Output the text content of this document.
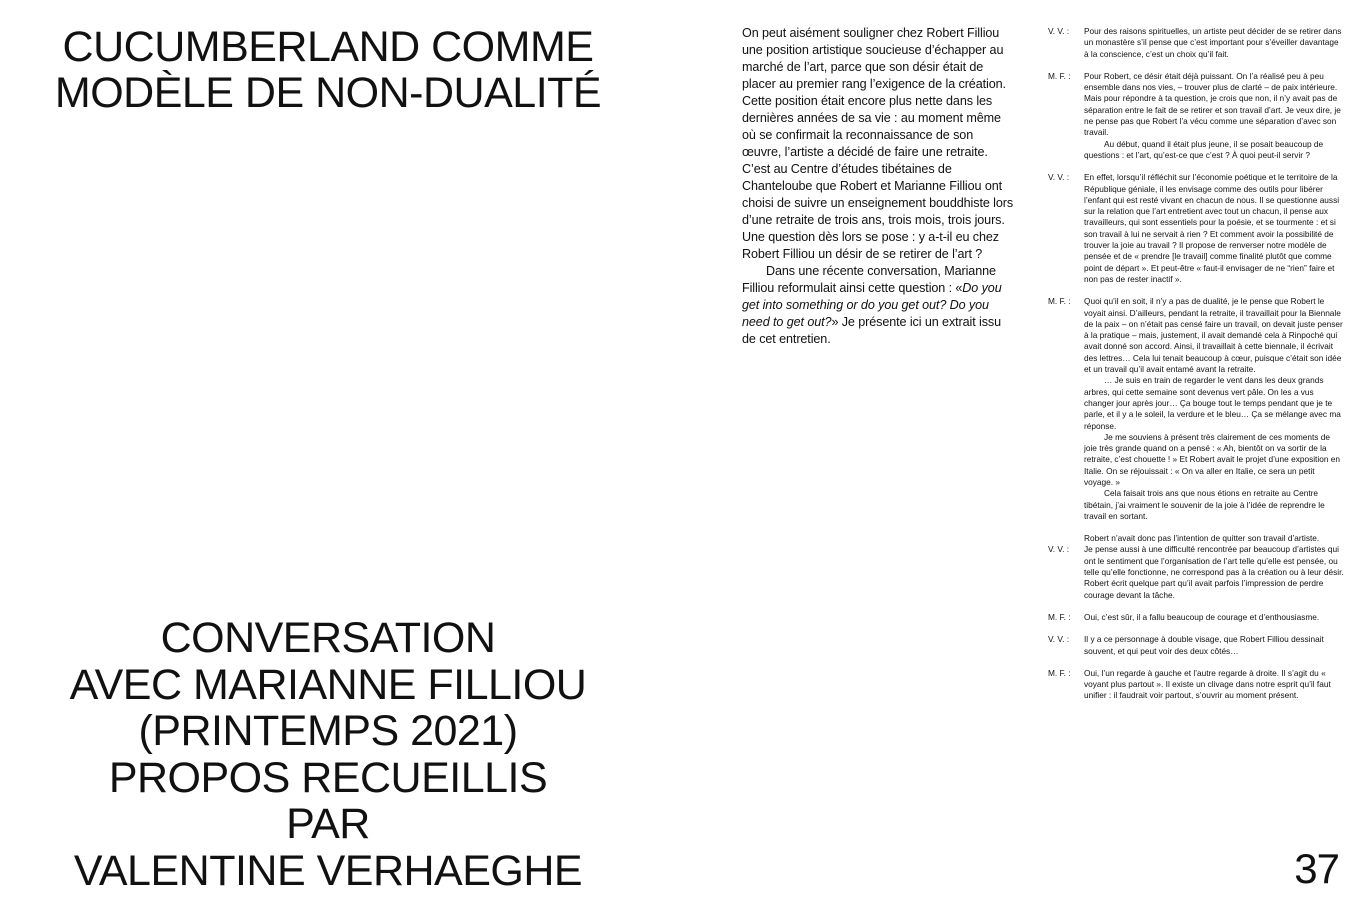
CUCUMBERLAND COMME
MODÈLE DE NON-DUALITÉ
CONVERSATION
AVEC MARIANNE FILLIOU
(PRINTEMPS 2021)
PROPOS RECUEILLIS
PAR
VALENTINE VERHAEGHE

On peut aisément souligner chez Robert Filliou une position artistique soucieuse d’échapper au marché de l’art, parce que son désir était de placer au premier rang l’exigence de la création. Cette position était encore plus nette dans les dernières années de sa vie : au moment même où se confirmait la reconnaissance de son œuvre, l’artiste a décidé de faire une retraite. C’est au Centre d’études tibétaines de Chanteloube que Robert et Marianne Filliou ont choisi de suivre un enseignement bouddhiste lors d’une retraite de trois ans, trois mois, trois jours. Une question dès lors se pose : y a-t-il eu chez Robert Filliou un désir de se retirer de l’art ?

Dans une récente conversation, Marianne Filliou reformulait ainsi cette question : «Do you get into something or do you get out? Do you need to get out?» Je présente ici un extrait issu de cet entretien.

V. V. : Pour des raisons spirituelles, un artiste peut décider de se retirer dans un monastère s’il pense que c’est important pour s’éveiller davantage à la conscience, c’est un choix qu’il fait.

M. F. : Pour Robert, ce désir était déjà puissant. On l’a réalisé peu à peu ensemble dans nos vies, – trouver plus de clarté – de paix intérieure. Mais pour répondre à ta question, je crois que non, il n’y avait pas de séparation entre le fait de se retirer et son travail d’art. Je veux dire, je ne pense pas que Robert l’a vécu comme une séparation d’avec son travail.

Au début, quand il était plus jeune, il se posait beaucoup de questions : et l’art, qu’est-ce que c’est ? À quoi peut-il servir ?

V. V. : En effet, lorsqu’il réfléchit sur l’économie poétique et le territoire de la République géniale, il les envisage comme des outils pour libérer l’enfant qui est resté vivant en chacun de nous. Il se questionne aussi sur la relation que l’art entretient avec tout un chacun, il pense aux travailleurs, qui sont essentiels pour la poésie, et se tourmente : et si son travail à lui ne servait à rien ? Et comment avoir la possibilité de trouver la joie au travail ? Il propose de renverser notre modèle de pensée et de « prendre [le travail] comme finalité plutôt que comme point de départ ». Et peut-être « faut-il envisager de ne “rien” faire et non pas de rester inactif ».

M. F. : Quoi qu’il en soit, il n’y a pas de dualité, je le pense que Robert le voyait ainsi. D’ailleurs, pendant la retraite, il travaillait pour la Biennale de la paix – on n’était pas censé faire un travail, on devait juste penser à la pratique – mais, justement, il avait demandé cela à Rinpoché qui avait donné son accord. Ainsi, il travaillait à cette biennale, il écrivait des lettres… Cela lui tenait beaucoup à cœur, puisque c’était son idée et un travail qu’il avait entamé avant la retraite.

… Je suis en train de regarder le vent dans les deux grands arbres, qui cette semaine sont devenus vert pâle. On les a vus changer jour après jour… Ça bouge tout le temps pendant que je te parle, et il y a le soleil, la verdure et le bleu… Ça se mélange avec ma réponse.

Je me souviens à présent très clairement de ces moments de joie très grande quand on a pensé : « Ah, bientôt on va sortir de la retraite, c’est chouette ! » Et Robert avait le projet d’une exposition en Italie. On se réjouissait : « On va aller en Italie, ce sera un petit voyage. »

Cela faisait trois ans que nous étions en retraite au Centre tibétain, j’ai vraiment le souvenir de la joie à l’idée de reprendre le travail en sortant.

Robert n’avait donc pas l’intention de quitter son travail d’artiste.

V. V. : Je pense aussi à une difficulté rencontrée par beaucoup d’artistes qui ont le sentiment que l’organisation de l’art telle qu’elle est pensée, ou telle qu’elle fonctionne, ne correspond pas à la création ou à leur désir. Robert écrit quelque part qu’il avait parfois l’impression de perdre courage devant la tâche.

M. F. : Oui, c’est sûr, il a fallu beaucoup de courage et d’enthousiasme.

V. V. : Il y a ce personnage à double visage, que Robert Filliou dessinait souvent, et qui peut voir des deux côtés…

M. F. : Oui, l’un regarde à gauche et l’autre regarde à droite. Il s’agit du « voyant plus partout ». Il existe un clivage dans notre esprit qu’il faut unifier : il faudrait voir partout, s’ouvrir au moment présent.

37
